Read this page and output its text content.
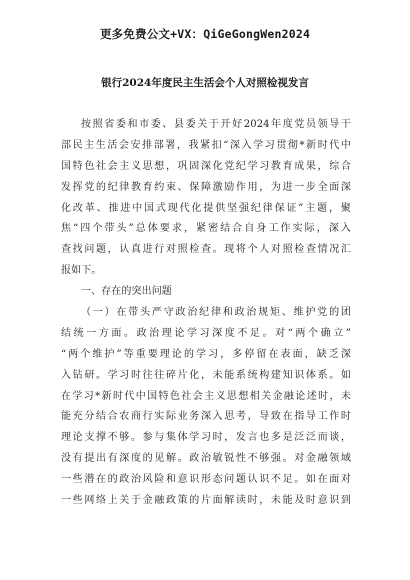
更多免费公文+VX：QiGeGongWen2024
银行2024年度民主生活会个人对照检视发言
按照省委和市委、县委关于开好2024年度党员领导干
部民主生活会安排部署，我紧扣“深入学习贯彻*新时代中
国特色社会主义思想，巩固深化党纪学习教育成果，综合
发挥党的纪律教育约束、保障激励作用，为进一步全面深
化改革、推进中国式现代化提供坚强纪律保证”主题，聚
焦“四个带头”总体要求，紧密结合自身工作实际，深入
查找问题，认真进行对照检查。现将个人对照检查情况汇
报如下。
一、存在的突出问题
（一）在带头严守政治纪律和政治规矩、维护党的团
结统一方面。政治理论学习深度不足。对“两个确立”
“两个维护”等重要理论的学习，多停留在表面，缺乏深
入钻研。学习时往往碎片化，未能系统构建知识体系。如
在学习*新时代中国特色社会主义思想相关金融论述时，未
能充分结合农商行实际业务深入思考，导致在指导工作时
理论支撑不够。参与集体学习时，发言也多是泛泛而谈，
没有提出有深度的见解。政治敏锐性不够强。对金融领域
一些潜在的政治风险和意识形态问题认识不足。如在面对
一些网络上关于金融政策的片面解读时，未能及时意识到
